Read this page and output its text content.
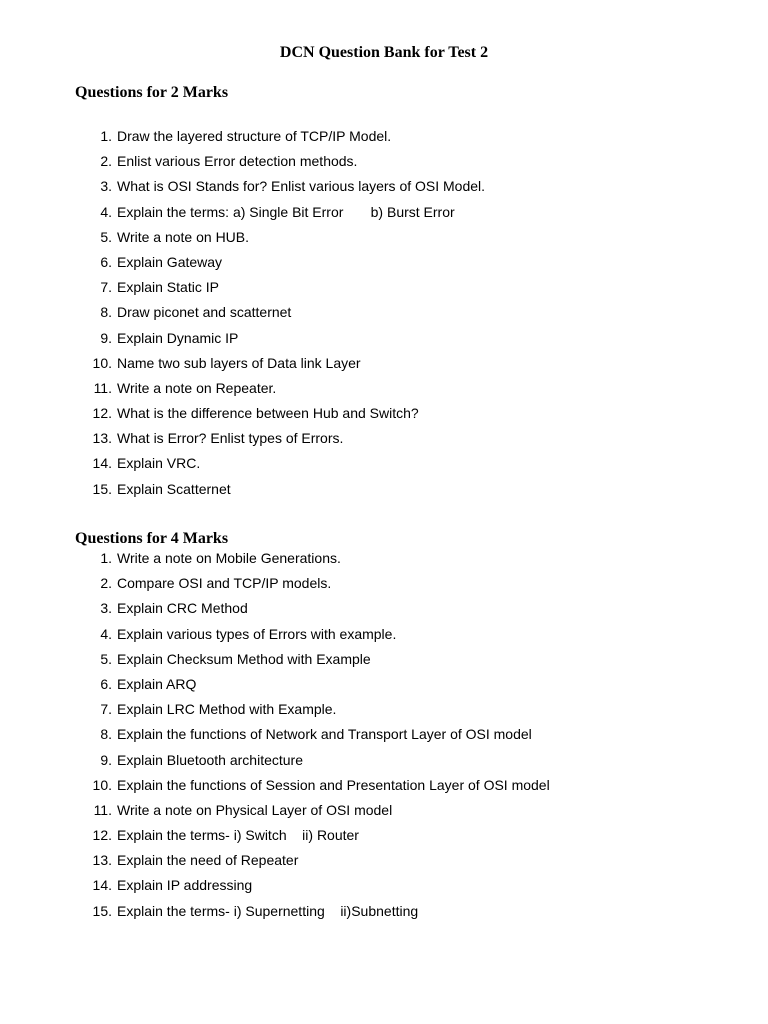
DCN Question Bank for Test 2
Questions for 2 Marks
1. Draw the layered structure of TCP/IP Model.
2. Enlist various Error detection methods.
3. What is OSI Stands for? Enlist various layers of OSI Model.
4. Explain the terms: a) Single Bit Error       b) Burst Error
5. Write a note on HUB.
6. Explain Gateway
7. Explain Static IP
8. Draw piconet and scatternet
9. Explain Dynamic IP
10. Name two sub layers of Data link Layer
11. Write a note on Repeater.
12. What is the difference between Hub and Switch?
13. What is Error? Enlist types of Errors.
14. Explain VRC.
15. Explain Scatternet
Questions for 4 Marks
1. Write a note on Mobile Generations.
2. Compare OSI and TCP/IP models.
3. Explain CRC Method
4. Explain various types of Errors with example.
5. Explain Checksum Method with Example
6. Explain ARQ
7. Explain LRC Method with Example.
8. Explain the functions of Network and Transport Layer of OSI model
9. Explain Bluetooth architecture
10. Explain the functions of Session and Presentation Layer of OSI model
11. Write a note on Physical Layer of OSI model
12. Explain the terms- i) Switch    ii) Router
13. Explain the need of Repeater
14. Explain IP addressing
15. Explain the terms- i) Supernetting    ii)Subnetting
